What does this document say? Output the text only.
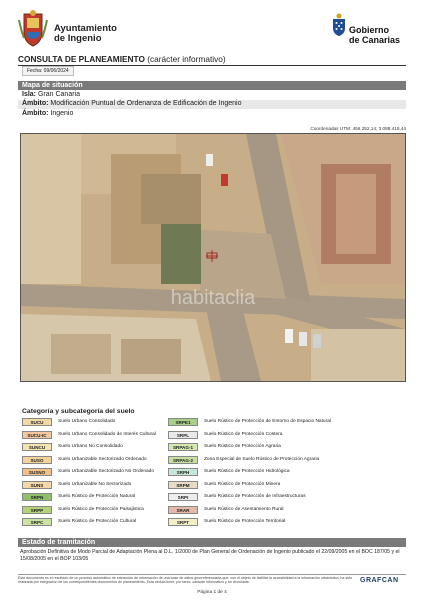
Ayuntamiento
de Ingenio
Gobierno
de Canarias
CONSULTA DE PLANEAMIENTO (carácter informativo)
Fecha: 09/06/2024
Mapa de situación
Isla: Gran Canaria
Ámbito: Modificación Puntual de Ordenanza de Edificación de Ingenio
Ámbito: Ingenio
Coordenadas UTM: 456.252,14, 3.088.415,44
habitaclia
Categoría y subcategoría del suelo
SUCU	Suelo Urbano Consolidado
SUCU-IC	Suelo Urbano Consolidado de Interés Cultural
SUNCU	Suelo Urbano No Consolidado
SUSO	Suelo Urbanizable Sectorizado Ordenado
SUSNO	Suelo Urbanizable Sectorizado No Ordenado
SUNS	Suelo Urbanizable No Sectorizado
SRPN	Suelo Rústico de Protección Natural
SRPP	Suelo Rústico de Protección Paisajística
SRPC	Suelo Rústico de Protección Cultural
SRPE1	Suelo Rústico de Protección de Entorno de Espacio Natural
SRPL	Suelo Rústico de Protección Costera
SRPAG-1	Suelo Rústico de Protección Agraria
SRPAG-2	Zona Especial de Suelo Rústico de Protección Agraria
SRPH	Suelo Rústico de Protección Hidrológica
SRPM	Suelo Rústico de Protección Minera
SRPI	Suelo Rústico de Protección de Infraestructuras
SRAR	Suelo Rústico de Asentamiento Rural
SRPT	Suelo Rústico de Protección Territorial
Estado de tramitación
Aprobación Definitiva de Modo Parcial de Adaptación Plena al D.L. 1/2000 de Plan General de Ordenación de Ingenio publicado el 22/09/2005 en el BOC 187/05 y el 15/08/2005 en el BOP 103/05
Este documento es el resultado de un proceso automático de extracción de información de una base de datos georreferenciada que, con el objeto de facilitar la accesibilidad a la información urbanística, ha sido realizada por integración de los correspondientes documentos de planeamiento. Esta cédula tiene, por tanto, carácter informativo y no vinculante.	GRAFCAN
Página 1 de 4
